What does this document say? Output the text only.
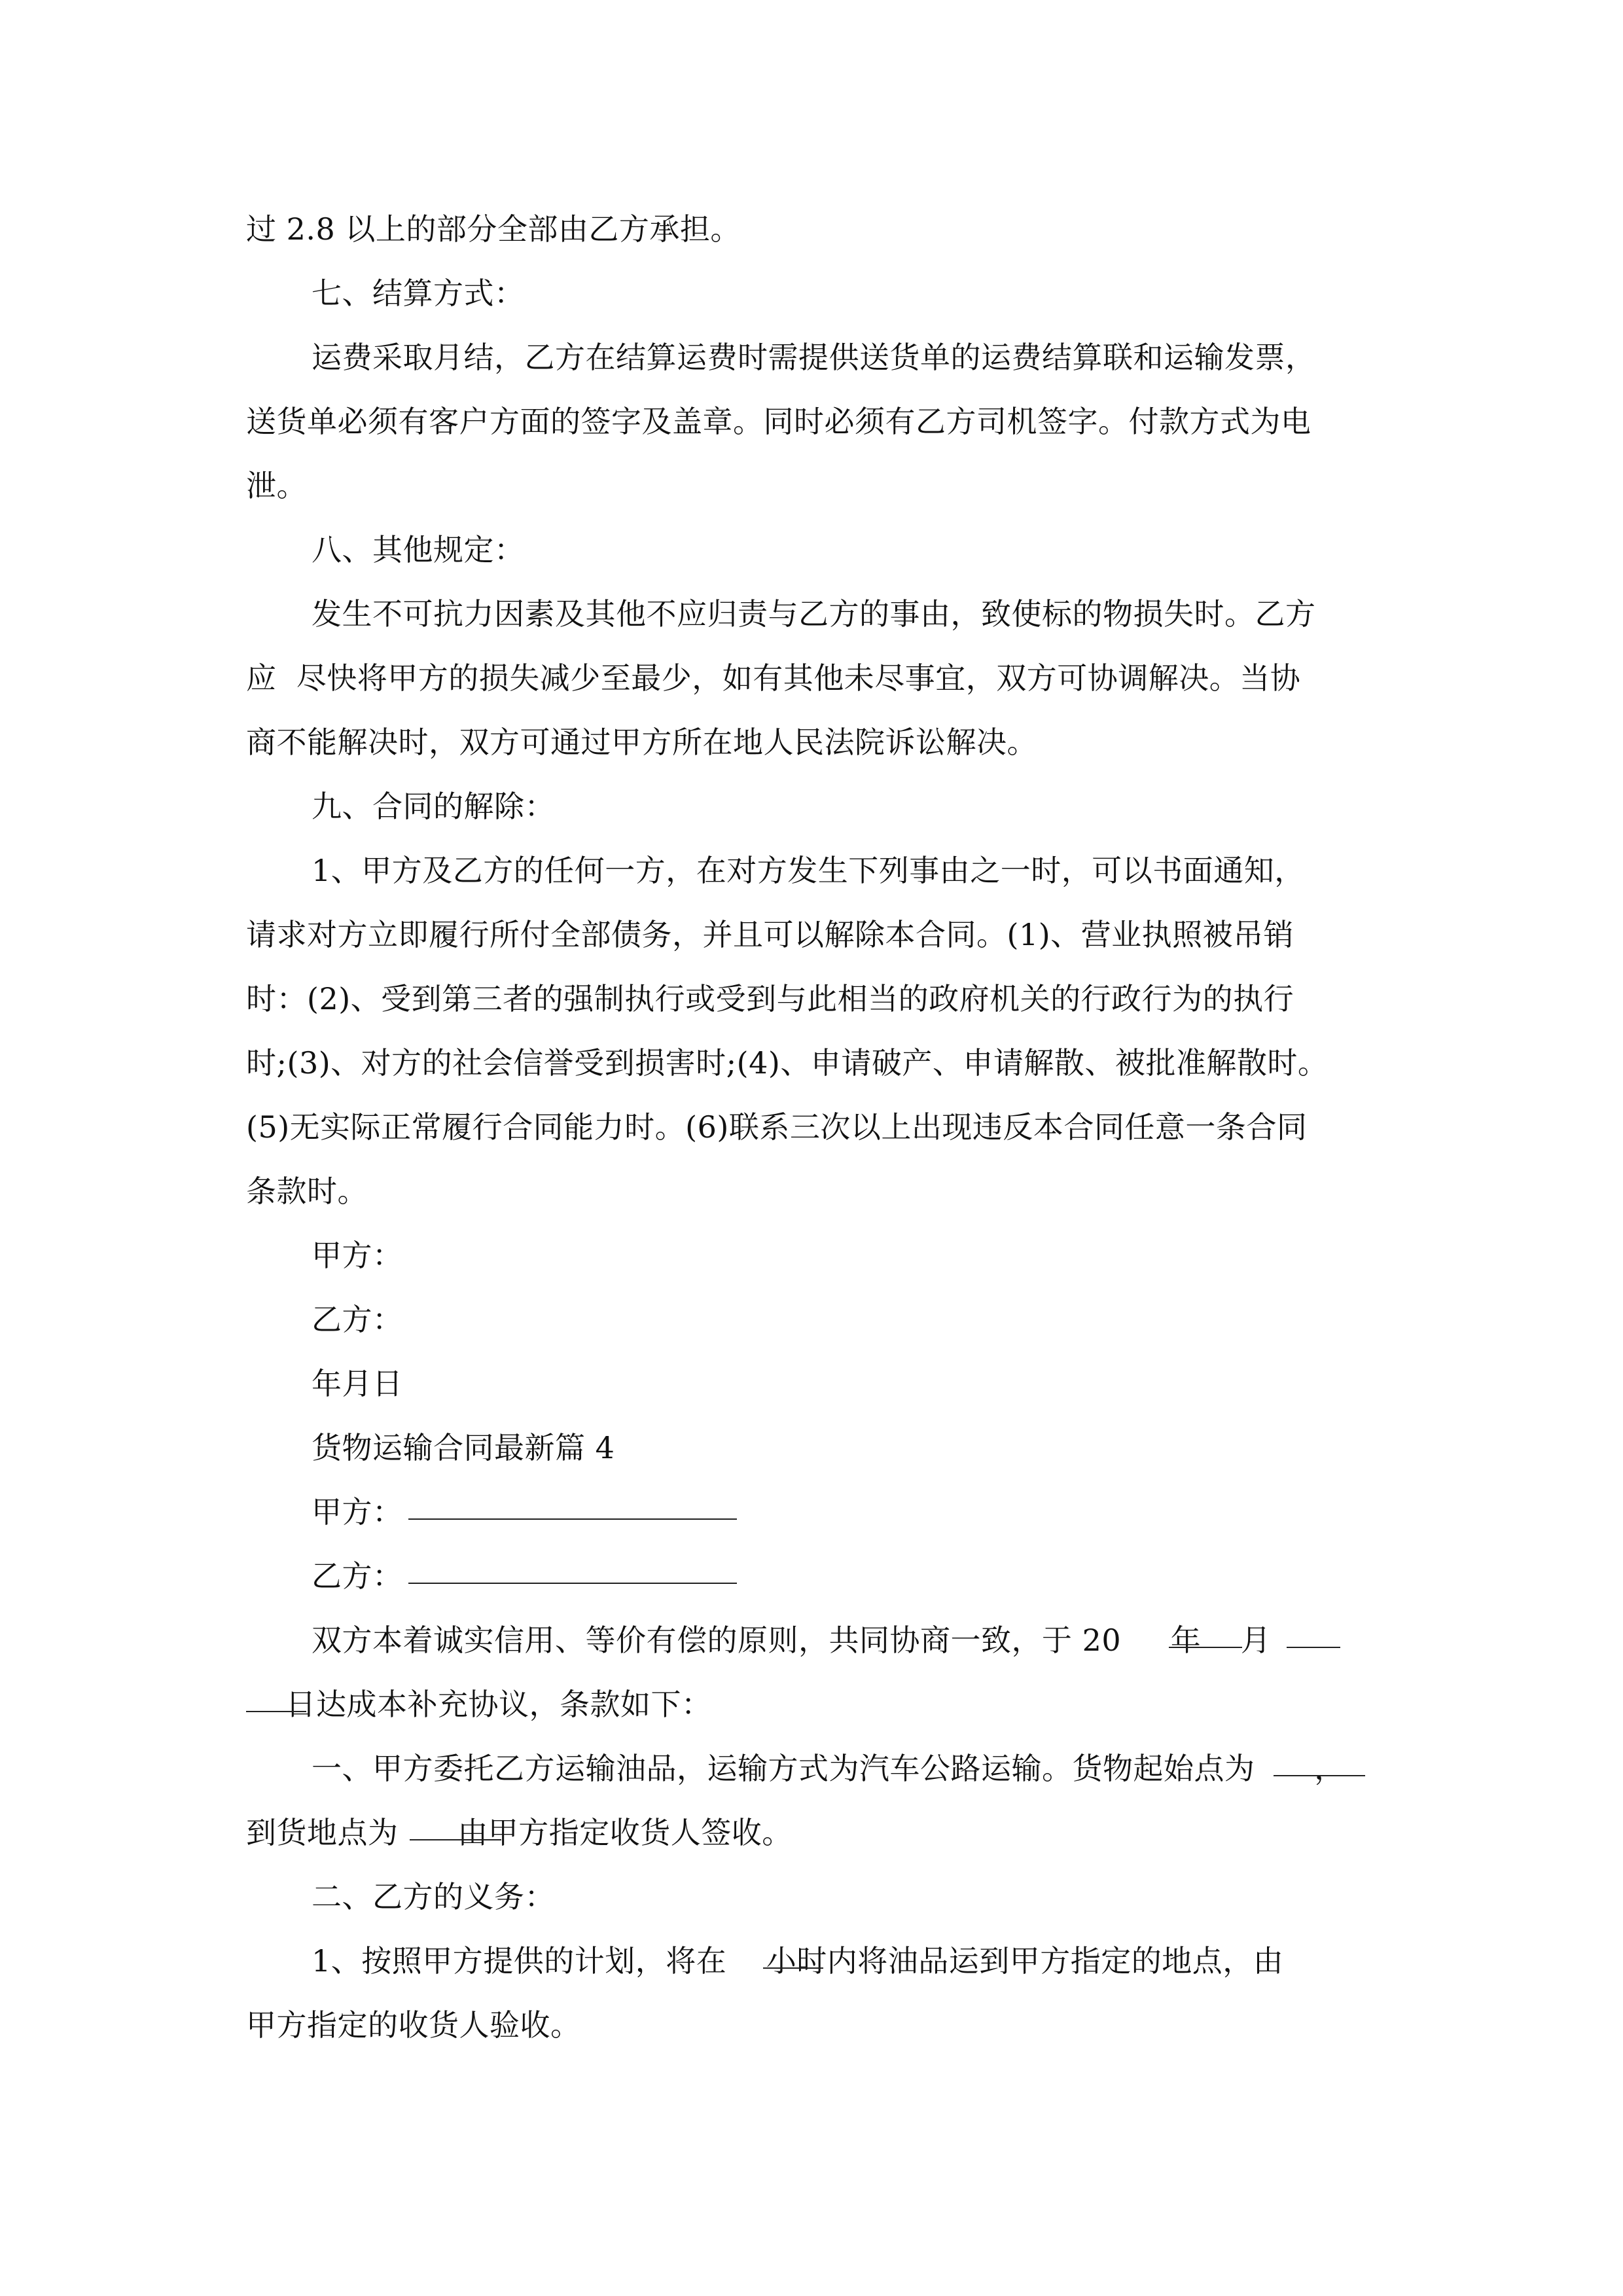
过 2.8 以上的部分全部由乙方承担。
七、结算方式：
运费采取月结，乙方在结算运费时需提供送货单的运费结算联和运输发票，
送货单必须有客户方面的签字及盖章。同时必须有乙方司机签字。付款方式为电
泄。
八、其他规定：
发生不可抗力因素及其他不应归责与乙方的事由，致使标的物损失时。乙方
应  尽快将甲方的损失减少至最少，如有其他未尽事宜，双方可协调解决。当协
商不能解决时，双方可通过甲方所在地人民法院诉讼解决。
九、合同的解除：
1、甲方及乙方的任何一方，在对方发生下列事由之一时，可以书面通知，
请求对方立即履行所付全部债务，并且可以解除本合同。(1)、营业执照被吊销
时：(2)、受到第三者的强制执行或受到与此相当的政府机关的行政行为的执行
时;(3)、对方的社会信誉受到损害时;(4)、申请破产、申请解散、被批准解散时。
(5)无实际正常履行合同能力时。(6)联系三次以上出现违反本合同任意一条合同
条款时。
甲方：
乙方：
年月日
货物运输合同最新篇 4
甲方：
乙方：
双方本着诚实信用、等价有偿的原则，共同协商一致，于 20     年    月
日达成本补充协议，条款如下：
一、甲方委托乙方运输油品，运输方式为汽车公路运输。货物起始点为      ，
到货地点为      由甲方指定收货人签收。
二、乙方的义务：
1、按照甲方提供的计划，将在    小时内将油品运到甲方指定的地点，由
甲方指定的收货人验收。
